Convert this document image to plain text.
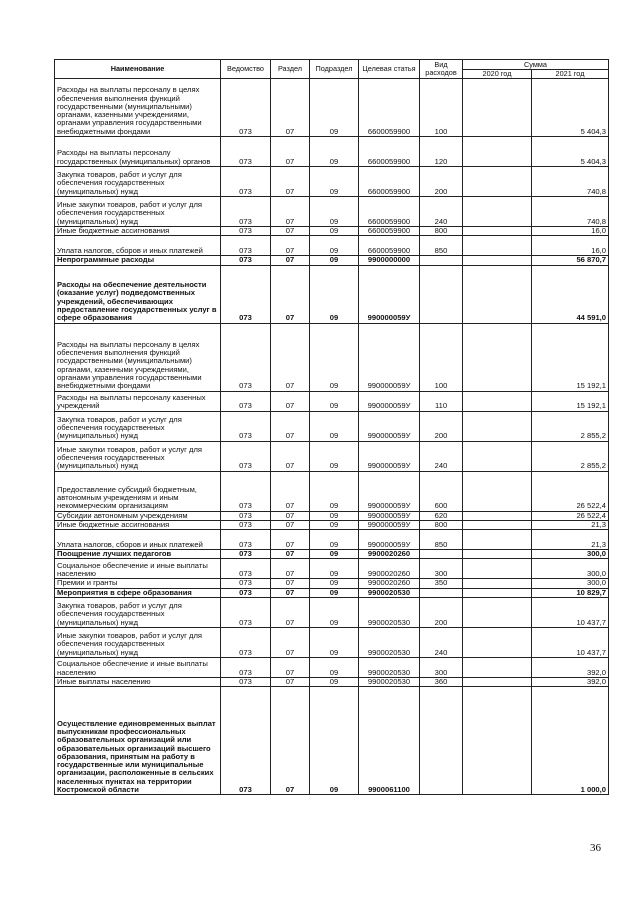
Наименование	Ведомство	Раздел	Подраздел	Целевая статья	Вид расходов	Сумма	
						2020 год	2021 год
Расходы на выплаты персоналу в целях обеспечения выполнения функций государственными (муниципальными) органами, казенными учреждениями, органами управления государственными внебюджетными фондами	073	07	09	6600059900	100		5 404,3
Расходы на выплаты персоналу государственных (муниципальных) органов	073	07	09	6600059900	120		5 404,3
Закупка товаров, работ и услуг для обеспечения государственных (муниципальных) нужд	073	07	09	6600059900	200		740,8
Иные закупки товаров, работ и услуг для обеспечения государственных (муниципальных) нужд	073	07	09	6600059900	240		740,8
Иные бюджетные ассигнования	073	07	09	6600059900	800		16,0
Уплата налогов, сборов и иных платежей	073	07	09	6600059900	850		16,0
Непрограммные расходы	073	07	09	9900000000			56 870,7
Расходы на обеспечение деятельности (оказание услуг) подведомственных учреждений, обеспечивающих предоставление государственных услуг в сфере образования	073	07	09	990000059У			44 591,0
Расходы на выплаты персоналу в целях обеспечения выполнения функций государственными (муниципальными) органами, казенными учреждениями, органами управления государственными внебюджетными фондами	073	07	09	990000059У	100		15 192,1
Расходы на выплаты персоналу казенных учреждений	073	07	09	990000059У	110		15 192,1
Закупка товаров, работ и услуг для обеспечения государственных (муниципальных) нужд	073	07	09	990000059У	200		2 855,2
Иные закупки товаров, работ и услуг для обеспечения государственных (муниципальных) нужд	073	07	09	990000059У	240		2 855,2
Предоставление субсидий бюджетным, автономным учреждениям и иным некоммерческим организациям	073	07	09	990000059У	600		26 522,4
Субсидии автономным учреждениям	073	07	09	990000059У	620		26 522,4
Иные бюджетные ассигнования	073	07	09	990000059У	800		21,3
Уплата налогов, сборов и иных платежей	073	07	09	990000059У	850		21,3
Поощрение лучших педагогов	073	07	09	9900020260			300,0
Социальное обеспечение и иные выплаты населению	073	07	09	9900020260	300		300,0
Премии и гранты	073	07	09	9900020260	350		300,0
Мероприятия в сфере образования	073	07	09	9900020530			10 829,7
Закупка товаров, работ и услуг для обеспечения государственных (муниципальных) нужд	073	07	09	9900020530	200		10 437,7
Иные закупки товаров, работ и услуг для обеспечения государственных (муниципальных) нужд	073	07	09	9900020530	240		10 437,7
Социальное обеспечение и иные выплаты населению	073	07	09	9900020530	300		392,0
Иные выплаты населению	073	07	09	9900020530	360		392,0
Осуществление единовременных выплат выпускникам профессиональных образовательных организаций или образовательных организаций высшего образования, принятым на работу в государственные или муниципальные организации, расположенные в сельских населенных пунктах на территории Костромской области	073	07	09	9900061100			1 000,0
36
